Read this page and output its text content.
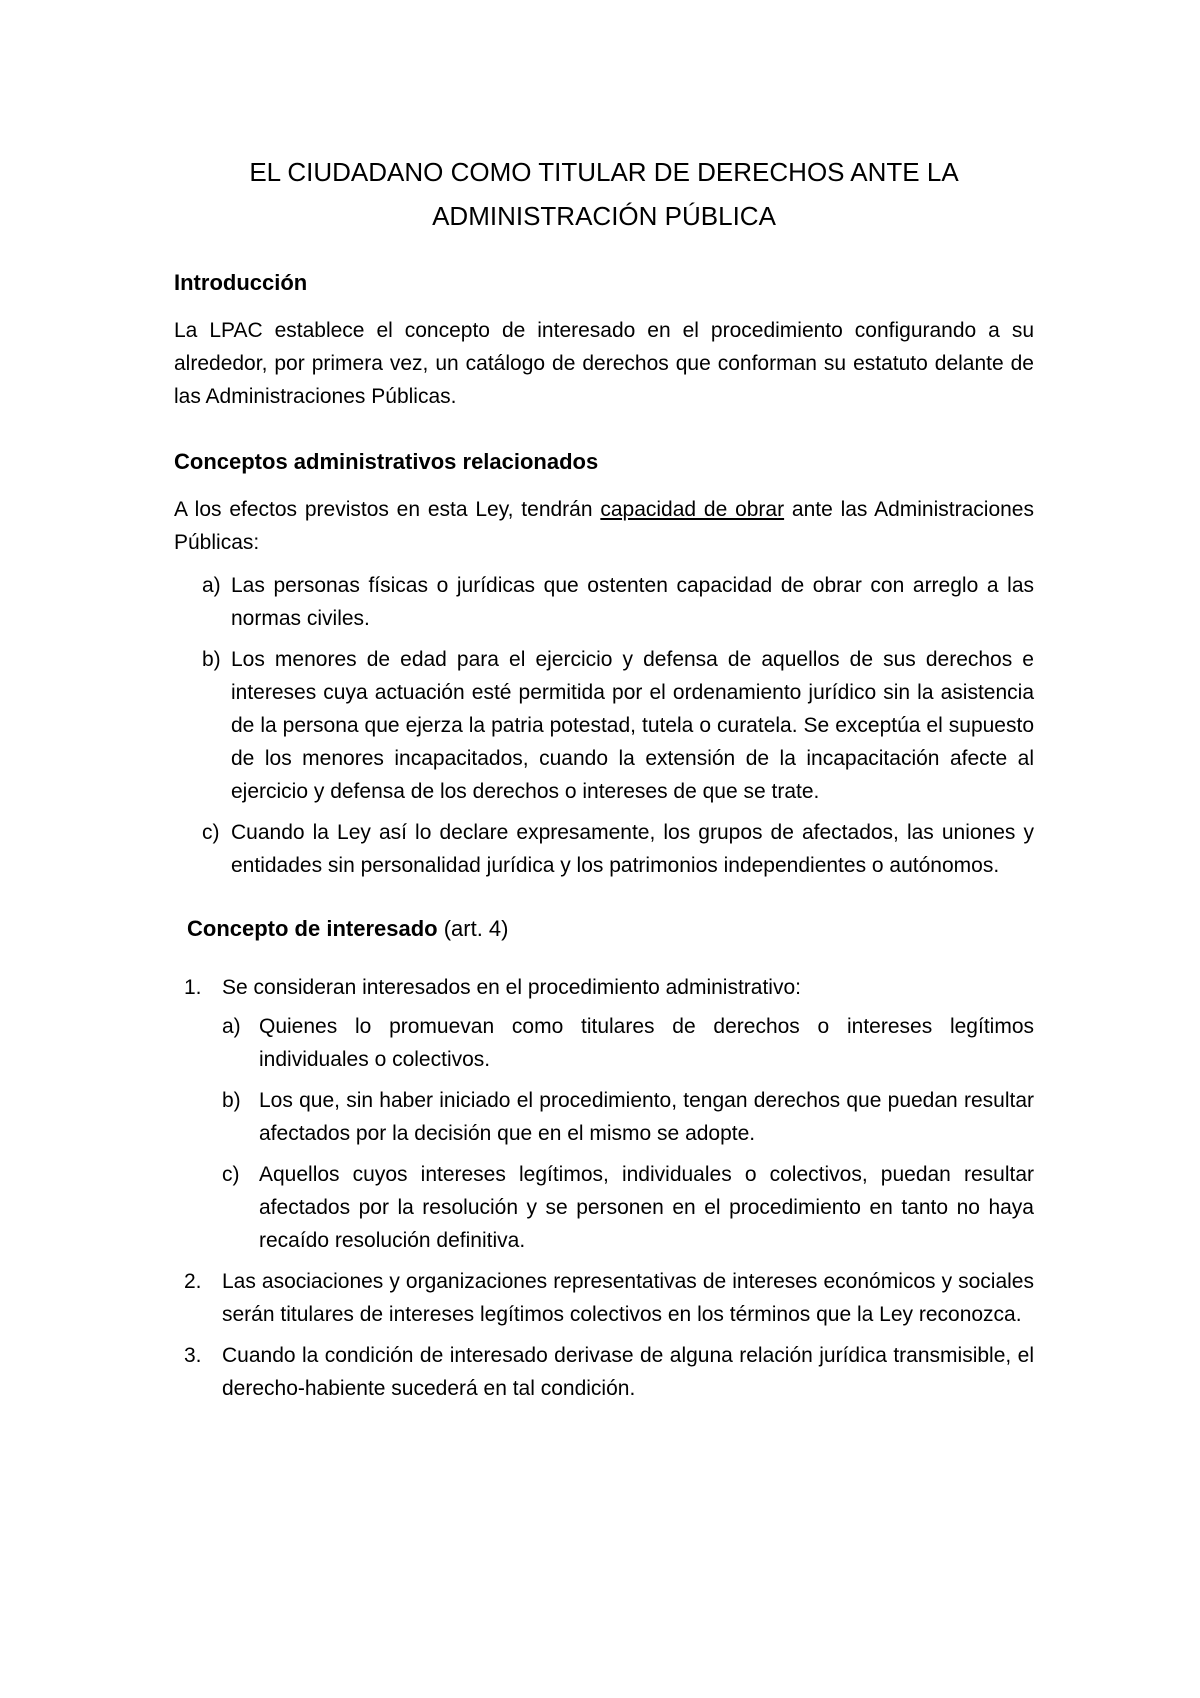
EL CIUDADANO COMO TITULAR DE DERECHOS ANTE LA
ADMINISTRACIÓN PÚBLICA
Introducción

La LPAC establece el concepto de interesado en el procedimiento configurando a su alrededor, por primera vez, un catálogo de derechos que conforman su estatuto delante de las Administraciones Públicas.

Conceptos administrativos relacionados

A los efectos previstos en esta Ley, tendrán capacidad de obrar ante las Administraciones Públicas:

a) Las personas físicas o jurídicas que ostenten capacidad de obrar con arreglo a las normas civiles.
b) Los menores de edad para el ejercicio y defensa de aquellos de sus derechos e intereses cuya actuación esté permitida por el ordenamiento jurídico sin la asistencia de la persona que ejerza la patria potestad, tutela o curatela. Se exceptúa el supuesto de los menores incapacitados, cuando la extensión de la incapacitación afecte al ejercicio y defensa de los derechos o intereses de que se trate.
c) Cuando la Ley así lo declare expresamente, los grupos de afectados, las uniones y entidades sin personalidad jurídica y los patrimonios independientes o autónomos.
Concepto de interesado (art. 4)
1. Se consideran interesados en el procedimiento administrativo:
a) Quienes lo promuevan como titulares de derechos o intereses legítimos individuales o colectivos.
b) Los que, sin haber iniciado el procedimiento, tengan derechos que puedan resultar afectados por la decisión que en el mismo se adopte.
c) Aquellos cuyos intereses legítimos, individuales o colectivos, puedan resultar afectados por la resolución y se personen en el procedimiento en tanto no haya recaído resolución definitiva.
2. Las asociaciones y organizaciones representativas de intereses económicos y sociales serán titulares de intereses legítimos colectivos en los términos que la Ley reconozca.
3. Cuando la condición de interesado derivase de alguna relación jurídica transmisible, el derecho-habiente sucederá en tal condición.
